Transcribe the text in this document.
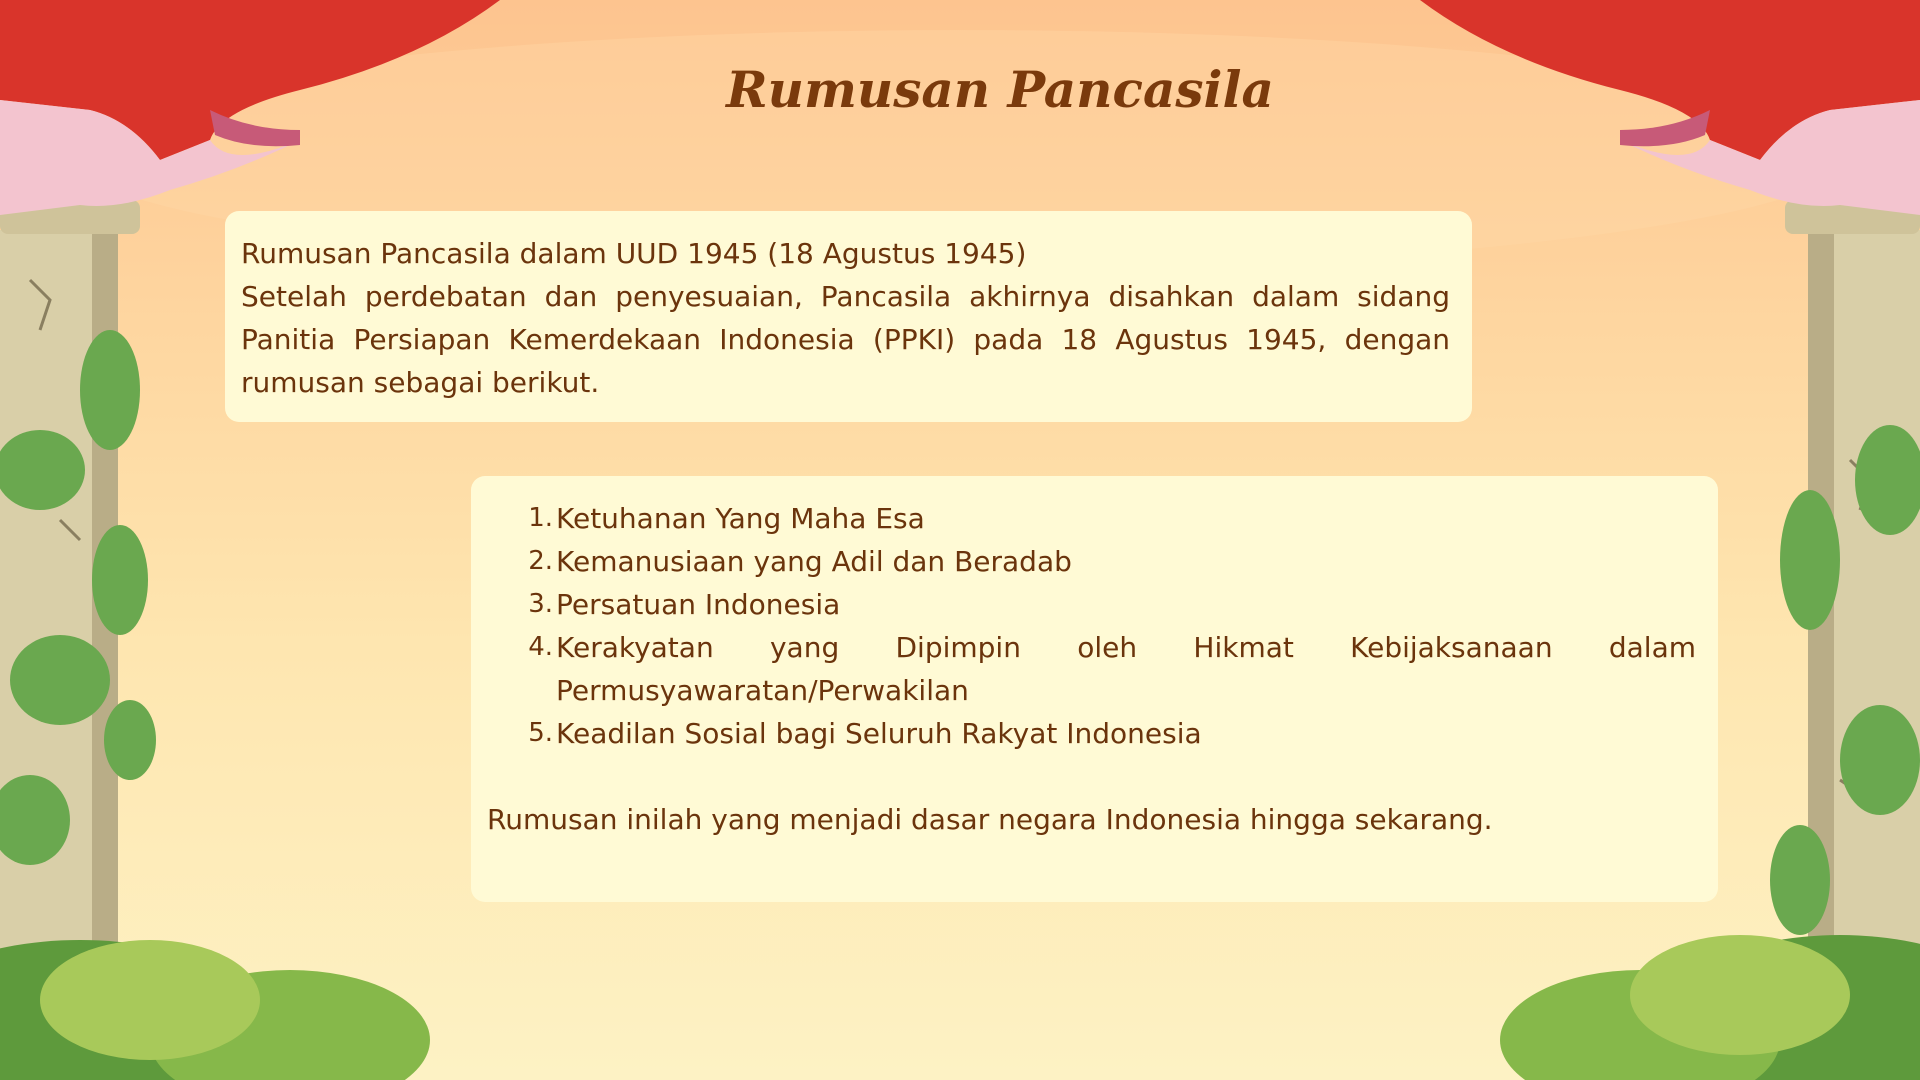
Rumusan Pancasila
Rumusan Pancasila dalam UUD 1945 (18 Agustus 1945)
Setelah perdebatan dan penyesuaian, Pancasila akhirnya disahkan dalam sidang Panitia Persiapan Kemerdekaan Indonesia (PPKI) pada 18 Agustus 1945, dengan rumusan sebagai berikut.
1. Ketuhanan Yang Maha Esa
2. Kemanusiaan yang Adil dan Beradab
3. Persatuan Indonesia
4. Kerakyatan yang Dipimpin oleh Hikmat Kebijaksanaan dalam Permusyawaratan/Perwakilan
5. Keadilan Sosial bagi Seluruh Rakyat Indonesia
Rumusan inilah yang menjadi dasar negara Indonesia hingga sekarang.
